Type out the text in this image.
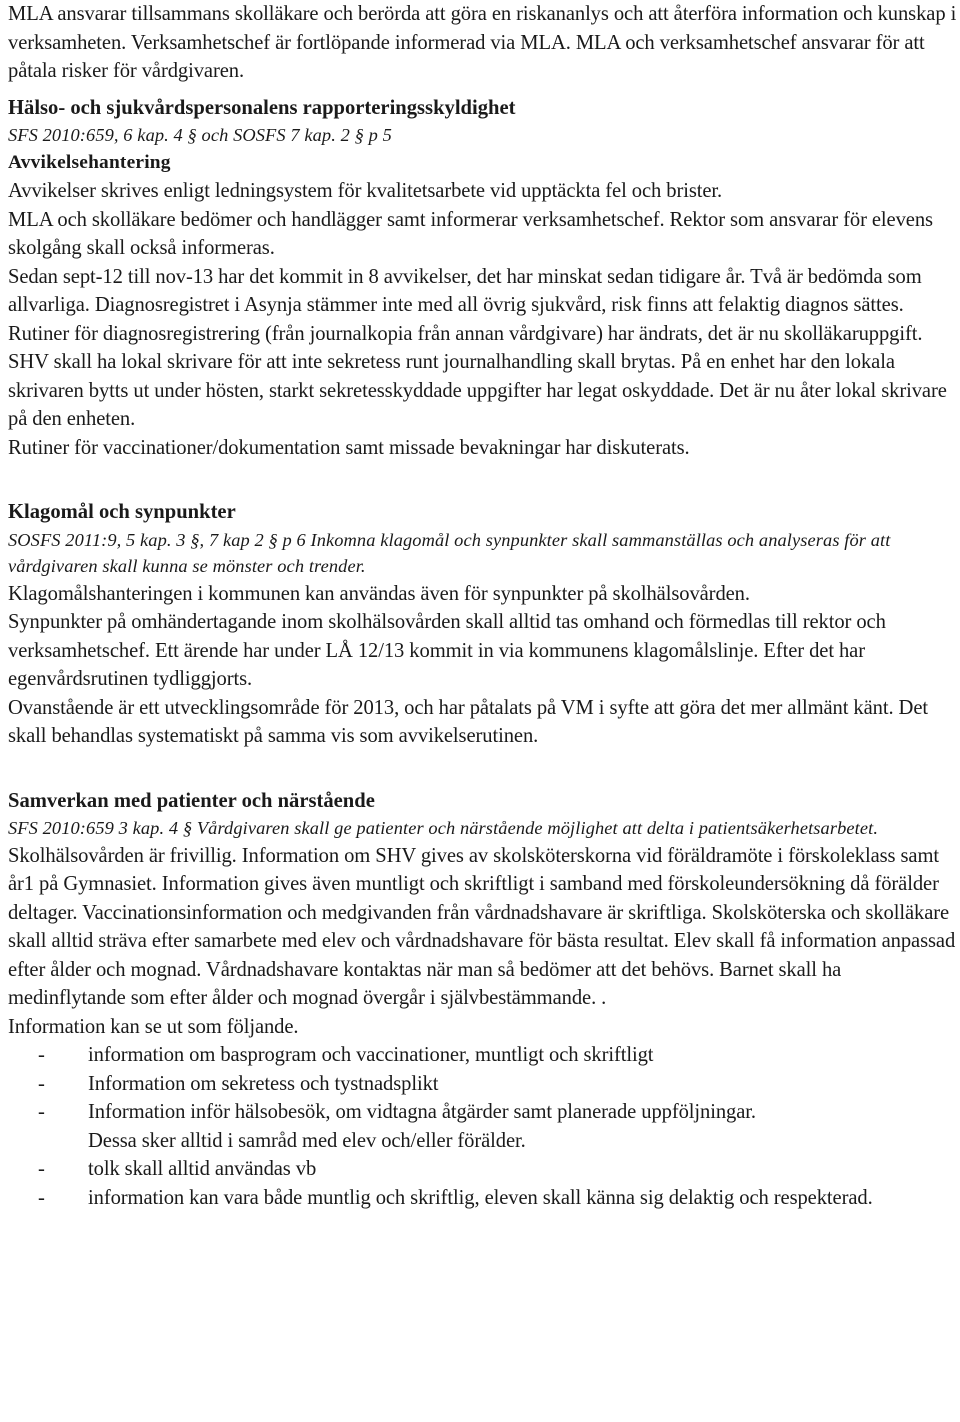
MLA ansvarar tillsammans skolläkare och berörda att göra en riskananlys och att återföra information och kunskap i verksamheten. Verksamhetschef är fortlöpande informerad via MLA. MLA och verksamhetschef ansvarar för att påtala risker för vårdgivaren.

Hälso- och sjukvårdspersonalens rapporteringsskyldighet
SFS 2010:659, 6 kap. 4 § och SOSFS 7 kap. 2 § p 5
Avvikelsehantering

Avvikelser skrives enligt ledningsystem för kvalitetsarbete vid upptäckta fel och brister.

MLA och skolläkare bedömer och handlägger samt informerar verksamhetschef. Rektor som ansvarar för elevens skolgång skall också informeras.

Sedan sept-12 till nov-13 har det kommit in 8 avvikelser, det har minskat sedan tidigare år. Två är bedömda som allvarliga. Diagnosregistret i Asynja stämmer inte med all övrig sjukvård, risk finns att felaktig diagnos sättes. Rutiner för diagnosregistrering (från journalkopia från annan vårdgivare) har ändrats, det är nu skolläkaruppgift.

SHV skall ha lokal skrivare för att inte sekretess runt journalhandling skall brytas. På en enhet har den lokala skrivaren bytts ut under hösten, starkt sekretesskyddade uppgifter har legat oskyddade. Det är nu åter lokal skrivare på den enheten.

Rutiner för vaccinationer/dokumentation samt missade bevakningar har diskuterats.

Klagomål och synpunkter
SOSFS 2011:9, 5 kap. 3 §, 7 kap 2 § p 6 Inkomna klagomål och synpunkter skall sammanställas och analyseras för att vårdgivaren skall kunna se mönster och trender.

Klagomålshanteringen i kommunen kan användas även för synpunkter på skolhälsovården.

Synpunkter på omhändertagande inom skolhälsovården skall alltid tas omhand och förmedlas till rektor och verksamhetschef. Ett ärende har under LÅ 12/13 kommit in via kommunens klagomålslinje. Efter det har egenvårdsrutinen tydliggjorts.

Ovanstående är ett utvecklingsområde för 2013, och har påtalats på VM i syfte att göra det mer allmänt känt. Det skall behandlas systematiskt på samma vis som avvikelserutinen.

Samverkan med patienter och närstående
SFS 2010:659 3 kap. 4 § Vårdgivaren skall ge patienter och närstående möjlighet att delta i patientsäkerhetsarbetet.

Skolhälsovården är frivillig. Information om SHV gives av skolsköterskorna vid föräldramöte i förskoleklass samt år1 på Gymnasiet. Information gives även muntligt och skriftligt i samband med förskoleundersökning då förälder deltager. Vaccinationsinformation och medgivanden från vårdnadshavare är skriftliga. Skolsköterska och skolläkare skall alltid sträva efter samarbete med elev och vårdnadshavare för bästa resultat. Elev skall få information anpassad efter ålder och mognad. Vårdnadshavare kontaktas när man så bedömer att det behövs. Barnet skall ha medinflytande som efter ålder och mognad övergår i självbestämmande. .

Information kan se ut som följande.

- information om basprogram och vaccinationer, muntligt och skriftligt
- Information om sekretess och tystnadsplikt
- Information inför hälsobesök, om vidtagna åtgärder samt planerade uppföljningar.
Dessa sker alltid i samråd med elev och/eller förälder.
- tolk skall alltid användas vb
- information kan vara både muntlig och skriftlig, eleven skall känna sig delaktig och respekterad.
